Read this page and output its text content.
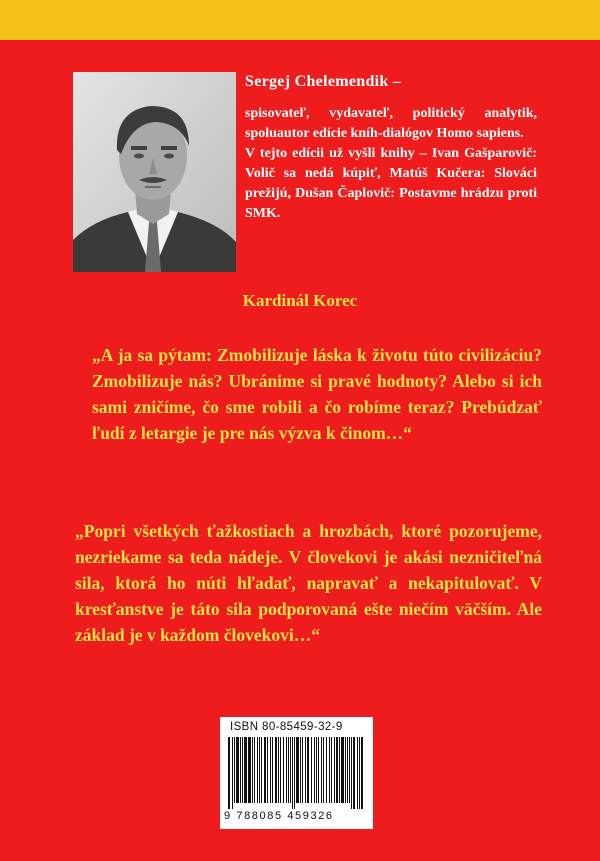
Sergej Chelemendik –
spisovateľ, vydavateľ, politický analytik, spoluautor edície kníh-dialógov Homo sapiens.
V tejto edícii už vyšli knihy – Ivan Gašparovič: Volič sa nedá kúpiť, Matúš Kučera: Slováci prežijú, Dušan Čaplovič: Postavme hrádzu proti SMK.
Kardinál Korec
„A ja sa pýtam: Zmobilizuje láska k životu túto civilizáciu? Zmobilizuje nás? Ubránime si pravé hodnoty? Alebo si ich sami zničíme, čo sme robili a čo robíme teraz? Prebúdzať ľudí z letargie je pre nás výzva k činom…“
„Popri všetkých ťažkostiach a hrozbách, ktoré pozorujeme, nezriekame sa teda nádeje. V človekovi je akási nezničiteľná sila, ktorá ho núti hľadať, napravať a nekapitulovať. V kresťanstve je táto sila podporovaná ešte niečím väčším. Ale základ je v každom človekovi…“
ISBN 80-85459-32-9
9 788085 459326
